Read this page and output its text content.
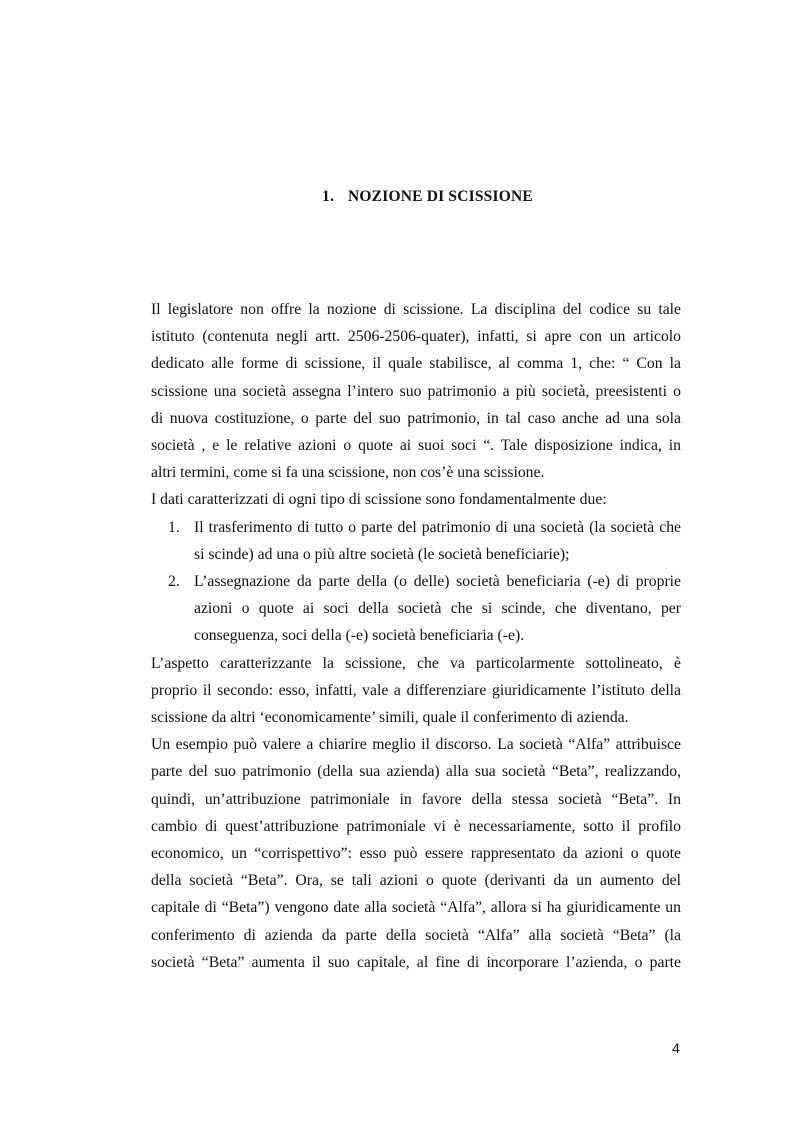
1. NOZIONE DI SCISSIONE
Il legislatore non offre la nozione di scissione. La disciplina del codice su tale
istituto (contenuta negli artt. 2506-2506-quater), infatti, si apre con un articolo
dedicato alle forme di scissione, il quale stabilisce, al comma 1, che: “ Con la
scissione una società assegna l’intero suo patrimonio a più società, preesistenti o
di nuova costituzione, o parte del suo patrimonio, in tal caso anche ad una sola
società , e le relative azioni o quote ai suoi soci “. Tale disposizione indica, in
altri termini, come si fa una scissione, non cos’è una scissione.
I dati caratterizzati di ogni tipo di scissione sono fondamentalmente due:
1. Il trasferimento di tutto o parte del patrimonio di una società (la società che
si scinde) ad una o più altre società (le società beneficiarie);
2. L’assegnazione da parte della (o delle) società beneficiaria (-e) di proprie
azioni o quote ai soci della società che si scinde, che diventano, per
conseguenza, soci della (-e) società beneficiaria (-e).
L’aspetto caratterizzante la scissione, che va particolarmente sottolineato, è
proprio il secondo: esso, infatti, vale a differenziare giuridicamente l’istituto della
scissione da altri ‘economicamente’ simili, quale il conferimento di azienda.
Un esempio può valere a chiarire meglio il discorso. La società “Alfa” attribuisce
parte del suo patrimonio (della sua azienda) alla sua società “Beta”, realizzando,
quindi, un’attribuzione patrimoniale in favore della stessa società “Beta”. In
cambio di quest’attribuzione patrimoniale vi è necessariamente, sotto il profilo
economico, un “corrispettivo”: esso può essere rappresentato da azioni o quote
della società “Beta”. Ora, se tali azioni o quote (derivanti da un aumento del
capitale di “Beta”) vengono date alla società “Alfa”, allora si ha giuridicamente un
conferimento di azienda da parte della società “Alfa” alla società “Beta” (la
società “Beta” aumenta il suo capitale, al fine di incorporare l’azienda, o parte
4
